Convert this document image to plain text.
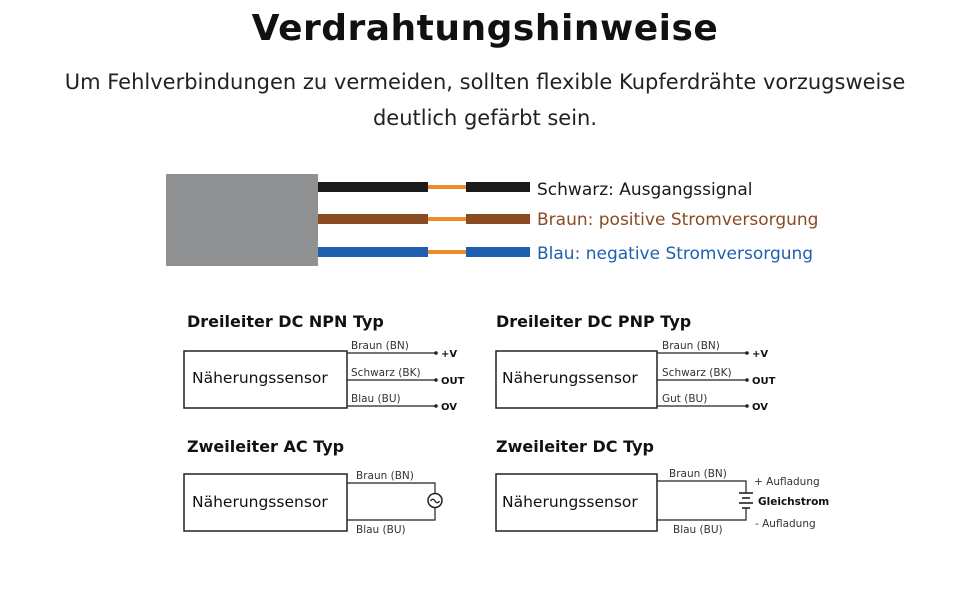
Verdrahtungshinweise
Um Fehlverbindungen zu vermeiden, sollten flexible Kupferdrähte vorzugsweise deutlich gefärbt sein.
Schwarz: Ausgangssignal
Braun: positive Stromversorgung
Blau: negative Stromversorgung
Dreileiter DC NPN Typ
Näherungssensor
Braun (BN)
Schwarz (BK)
Blau (BU)
+V
OUT
OV
Dreileiter DC PNP Typ
Näherungssensor
Braun (BN)
Schwarz (BK)
Gut (BU)
+V
OUT
OV
Zweileiter AC Typ
Näherungssensor
Braun (BN)
Blau (BU)
Zweileiter DC Typ
Näherungssensor
Braun (BN)
Blau (BU)
+ Aufladung
Gleichstrom
- Aufladung
